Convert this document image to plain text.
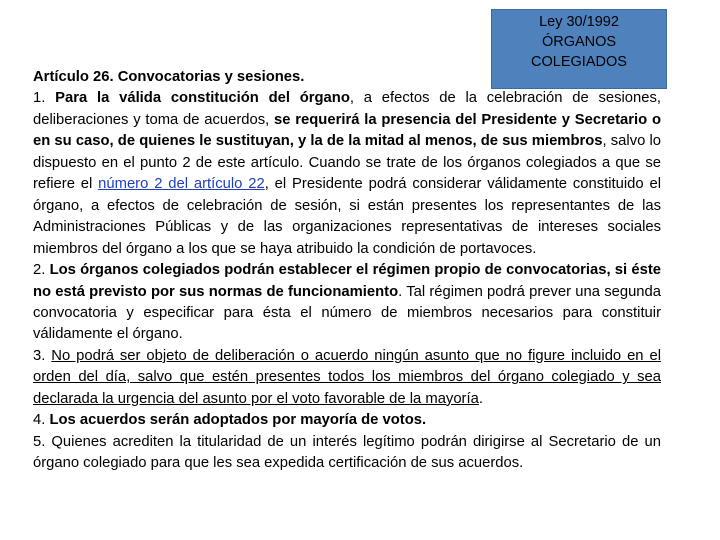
Ley 30/1992
ÓRGANOS
COLEGIADOS

Artículo 26. Convocatorias y sesiones.

1. Para la válida constitución del órgano, a efectos de la celebración de sesiones, deliberaciones y toma de acuerdos, se requerirá la presencia del Presidente y Secretario o en su caso, de quienes le sustituyan, y la de la mitad al menos, de sus miembros, salvo lo dispuesto en el punto 2 de este artículo. Cuando se trate de los órganos colegiados a que se refiere el número 2 del artículo 22, el Presidente podrá considerar válidamente constituido el órgano, a efectos de celebración de sesión, si están presentes los representantes de las Administraciones Públicas y de las organizaciones representativas de intereses sociales miembros del órgano a los que se haya atribuido la condición de portavoces.

2. Los órganos colegiados podrán establecer el régimen propio de convocatorias, si éste no está previsto por sus normas de funcionamiento. Tal régimen podrá prever una segunda convocatoria y especificar para ésta el número de miembros necesarios para constituir válidamente el órgano.

3. No podrá ser objeto de deliberación o acuerdo ningún asunto que no figure incluido en el orden del día, salvo que estén presentes todos los miembros del órgano colegiado y sea declarada la urgencia del asunto por el voto favorable de la mayoría.

4. Los acuerdos serán adoptados por mayoría de votos.

5. Quienes acrediten la titularidad de un interés legítimo podrán dirigirse al Secretario de un órgano colegiado para que les sea expedida certificación de sus acuerdos.
